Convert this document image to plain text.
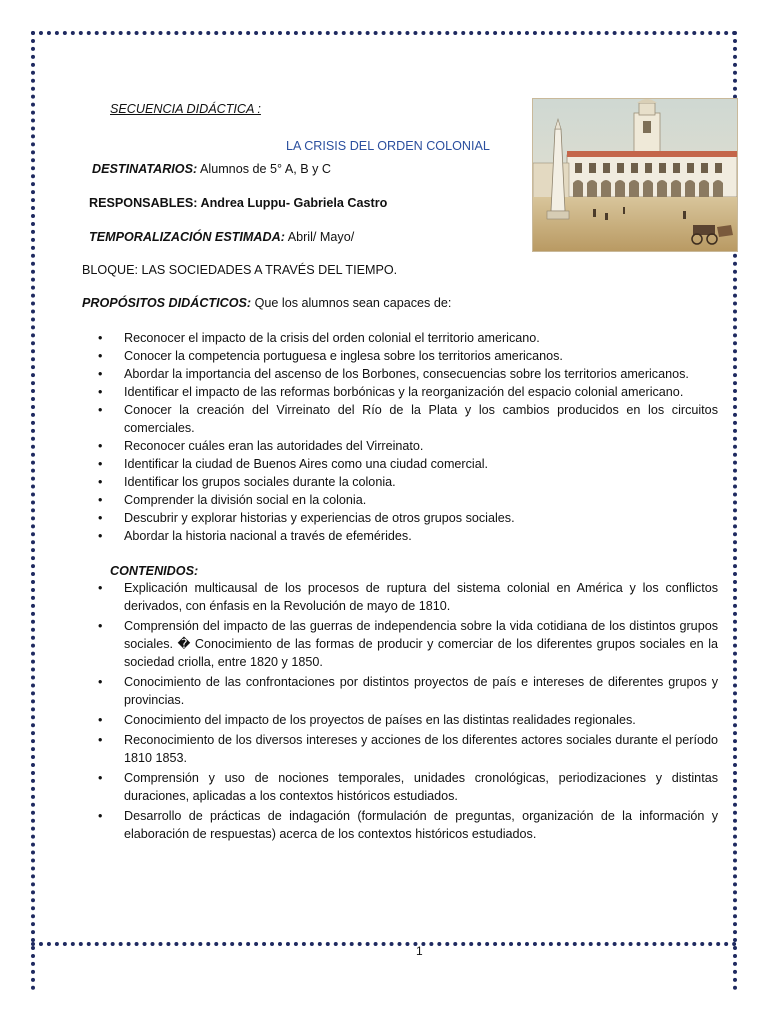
SECUENCIA DIDÁCTICA :
LA CRISIS DEL ORDEN COLONIAL
DESTINATARIOS: Alumnos de 5° A, B y C
RESPONSABLES: Andrea Luppu- Gabriela Castro
TEMPORALIZACIÓN ESTIMADA: Abril/ Mayo/
BLOQUE: LAS SOCIEDADES A TRAVÉS DEL TIEMPO.
PROPÓSITOS DIDÁCTICOS: Que los alumnos sean capaces de:
• Reconocer el impacto de la crisis del orden colonial el territorio americano.
• Conocer la competencia portuguesa e inglesa sobre los territorios americanos.
• Abordar la importancia del ascenso de los Borbones, consecuencias sobre los territorios americanos.
• Identificar el impacto de las reformas borbónicas y la reorganización del espacio colonial americano.
• Conocer la creación del Virreinato del Río de la Plata y los cambios producidos en los circuitos comerciales.
• Reconocer cuáles eran las autoridades del Virreinato.
• Identificar la ciudad de Buenos Aires como una ciudad comercial.
• Identificar los grupos sociales durante la colonia.
• Comprender la división social en la colonia.
• Descubrir y explorar historias y experiencias de otros grupos sociales.
• Abordar la historia nacional a través de efemérides.
CONTENIDOS:
• Explicación multicausal de los procesos de ruptura del sistema colonial en América y los conflictos derivados, con énfasis en la Revolución de mayo de 1810.
• Comprensión del impacto de las guerras de independencia sobre la vida cotidiana de los distintos grupos sociales. � Conocimiento de las formas de producir y comerciar de los diferentes grupos sociales en la sociedad criolla, entre 1820 y 1850.
• Conocimiento de las confrontaciones por distintos proyectos de país e intereses de diferentes grupos y provincias.
• Conocimiento del impacto de los proyectos de países en las distintas realidades regionales.
• Reconocimiento de los diversos intereses y acciones de los diferentes actores sociales durante el período 1810 1853.
• Comprensión y uso de nociones temporales, unidades cronológicas, periodizaciones y distintas duraciones, aplicadas a los contextos históricos estudiados.
• Desarrollo de prácticas de indagación (formulación de preguntas, organización de la información y elaboración de respuestas) acerca de los contextos históricos estudiados.
1
